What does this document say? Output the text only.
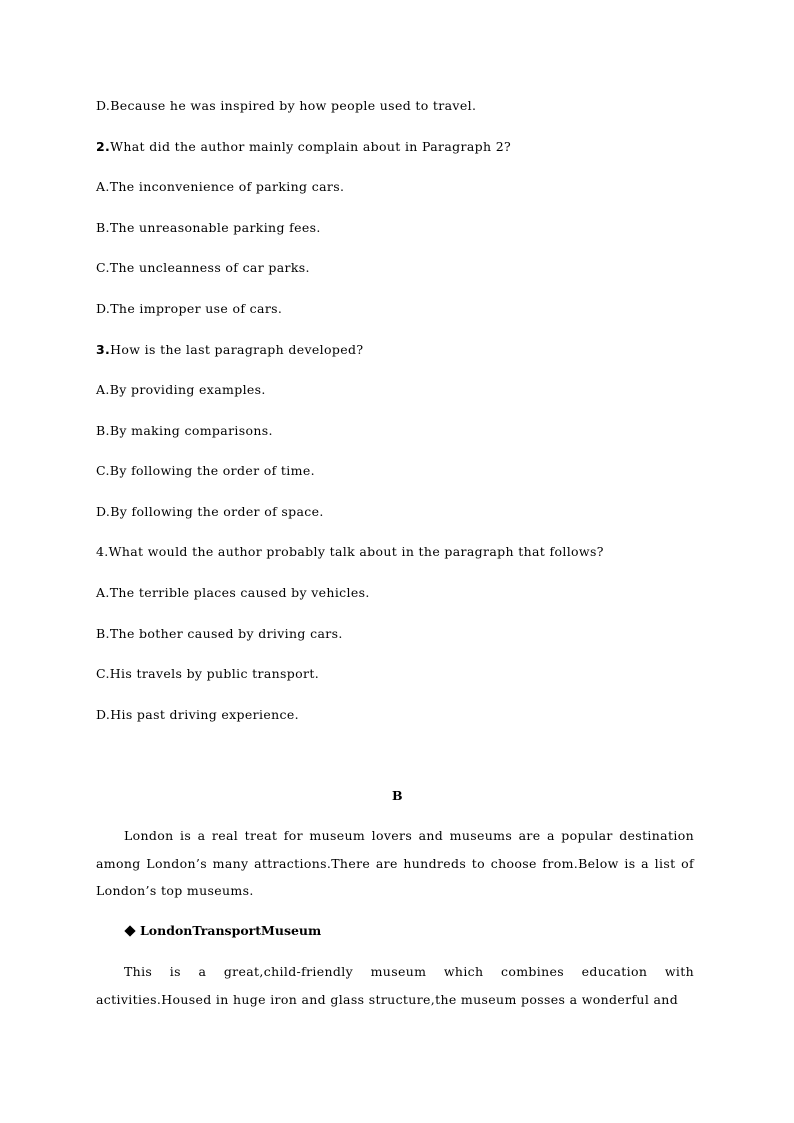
D.Because he was inspired by how people used to travel.

2.What did the author mainly complain about in Paragraph 2?

A.The inconvenience of parking cars.

B.The unreasonable parking fees.

C.The uncleanness of car parks.

D.The improper use of cars.

3.How is the last paragraph developed?

A.By providing examples.

B.By making comparisons.

C.By following the order of time.

D.By following the order of space.

4.What would the author probably talk about in the paragraph that follows?

A.The terrible places caused by vehicles.

B.The bother caused by driving cars.

C.His travels by public transport.

D.His past driving experience.

B

London is a real treat for museum lovers and museums are a popular destination among London’s many attractions.There are hundreds to choose from.Below is a list of London’s top museums.

LondonTransportMuseum

This is a great,child-friendly museum which combines education with activities.Housed in huge iron and glass structure,the museum posses a wonderful and
